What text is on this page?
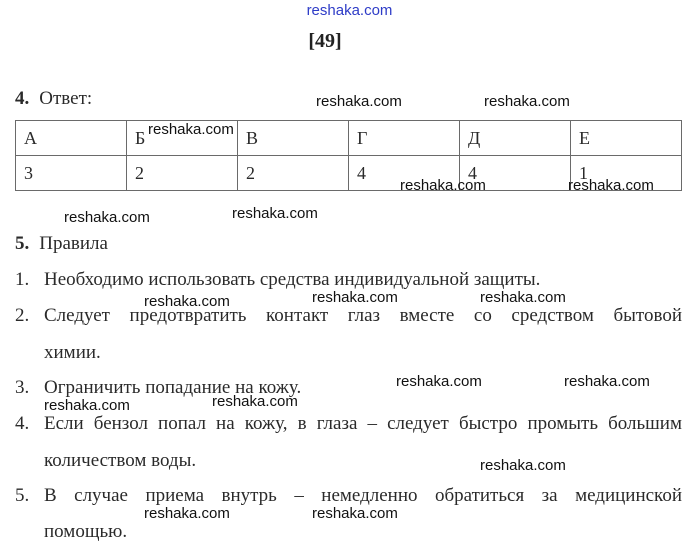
reshaka.com
[49]
4. Ответ:
А	Б	В	Г	Д	Е
3	2	2	4	4	1
5. Правила
1. Необходимо использовать средства индивидуальной защиты.
2. Следует предотвратить контакт глаз вместе со средством бытовой
химии.
3. Ограничить попадание на кожу.
4. Если бензол попал на кожу, в глаза – следует быстро промыть большим
количеством воды.
5. В случае приема внутрь – немедленно обратиться за медицинской
помощью.
reshaka.com	reshaka.com
reshaka.com
reshaka.com	reshaka.com
reshaka.com	reshaka.com
reshaka.com	reshaka.com	reshaka.com
reshaka.com	reshaka.com
reshaka.com	reshaka.com
reshaka.com
reshaka.com	reshaka.com
